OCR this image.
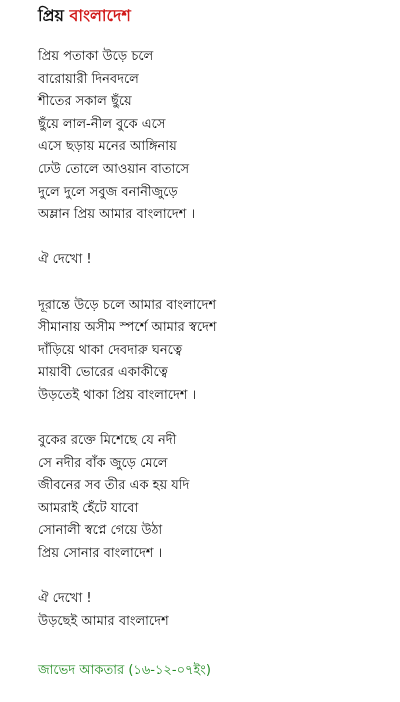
প্রিয় বাংলাদেশ
প্রিয় পতাকা উড়ে চলে
বারোয়ারী দিনবদলে
শীতের সকাল ছুঁয়ে
ছুঁয়ে লাল-নীল বুকে এসে
এসে ছড়ায় মনের আঙ্গিনায়
ঢেউ তোলে আওয়ান বাতাসে
দুলে দুলে সবুজ বনানীজুড়ে
অম্লান প্রিয় আমার বাংলাদেশ ।
ঐ দেখো !
দূরান্তে উড়ে চলে আমার বাংলাদেশ
সীমানায় অসীম স্পর্শে আমার স্বদেশ
দাঁড়িয়ে থাকা দেবদারু ঘনত্বে
মায়াবী ভোরের একাকীত্বে
উড়তেই থাকা প্রিয় বাংলাদেশ ।
বুকের রক্তে মিশেছে যে নদী
সে নদীর বাঁক জুড়ে মেলে
জীবনের সব তীর এক হয় যদি
আমরাই হেঁটে যাবো
সোনালী স্বপ্নে গেয়ে উঠা
প্রিয় সোনার বাংলাদেশ ।
ঐ দেখো !
উড়ছেই আমার বাংলাদেশ
জাভেদ আকতার (১৬-১২-০৭ইং)
